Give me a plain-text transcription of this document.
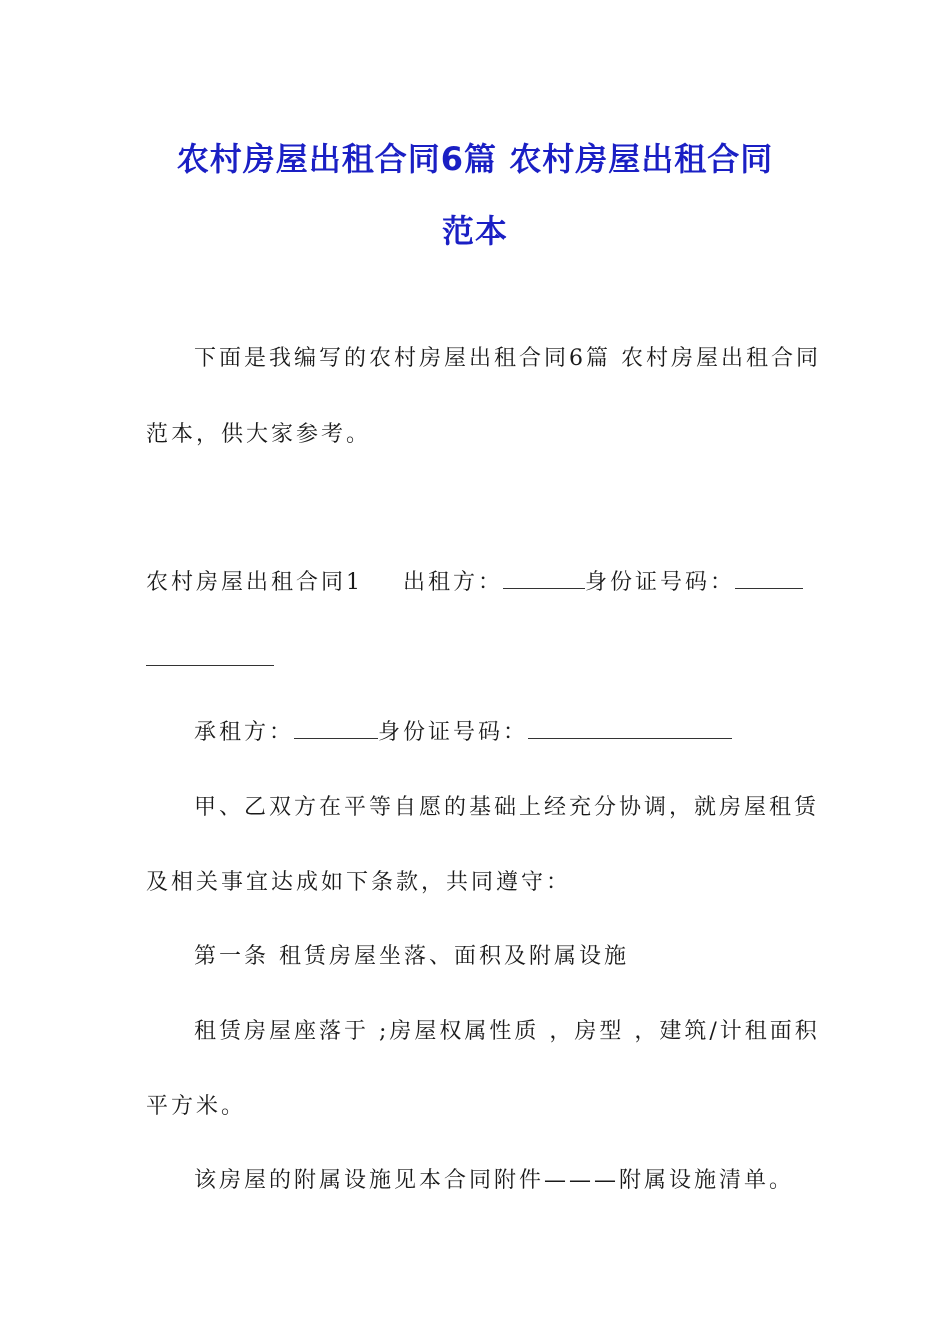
农村房屋出租合同6篇 农村房屋出租合同
范本
下面是我编写的农村房屋出租合同6篇 农村房屋出租合同
范本，供大家参考。
农村房屋出租合同1 出租方：	身份证号码：
承租方：	身份证号码：
甲、乙双方在平等自愿的基础上经充分协调，就房屋租赁
及相关事宜达成如下条款，共同遵守：
第一条 租赁房屋坐落、面积及附属设施
租赁房屋座落于 ;房屋权属性质 ，房型 ，建筑/计租面积
平方米。
该房屋的附属设施见本合同附件———附属设施清单。
